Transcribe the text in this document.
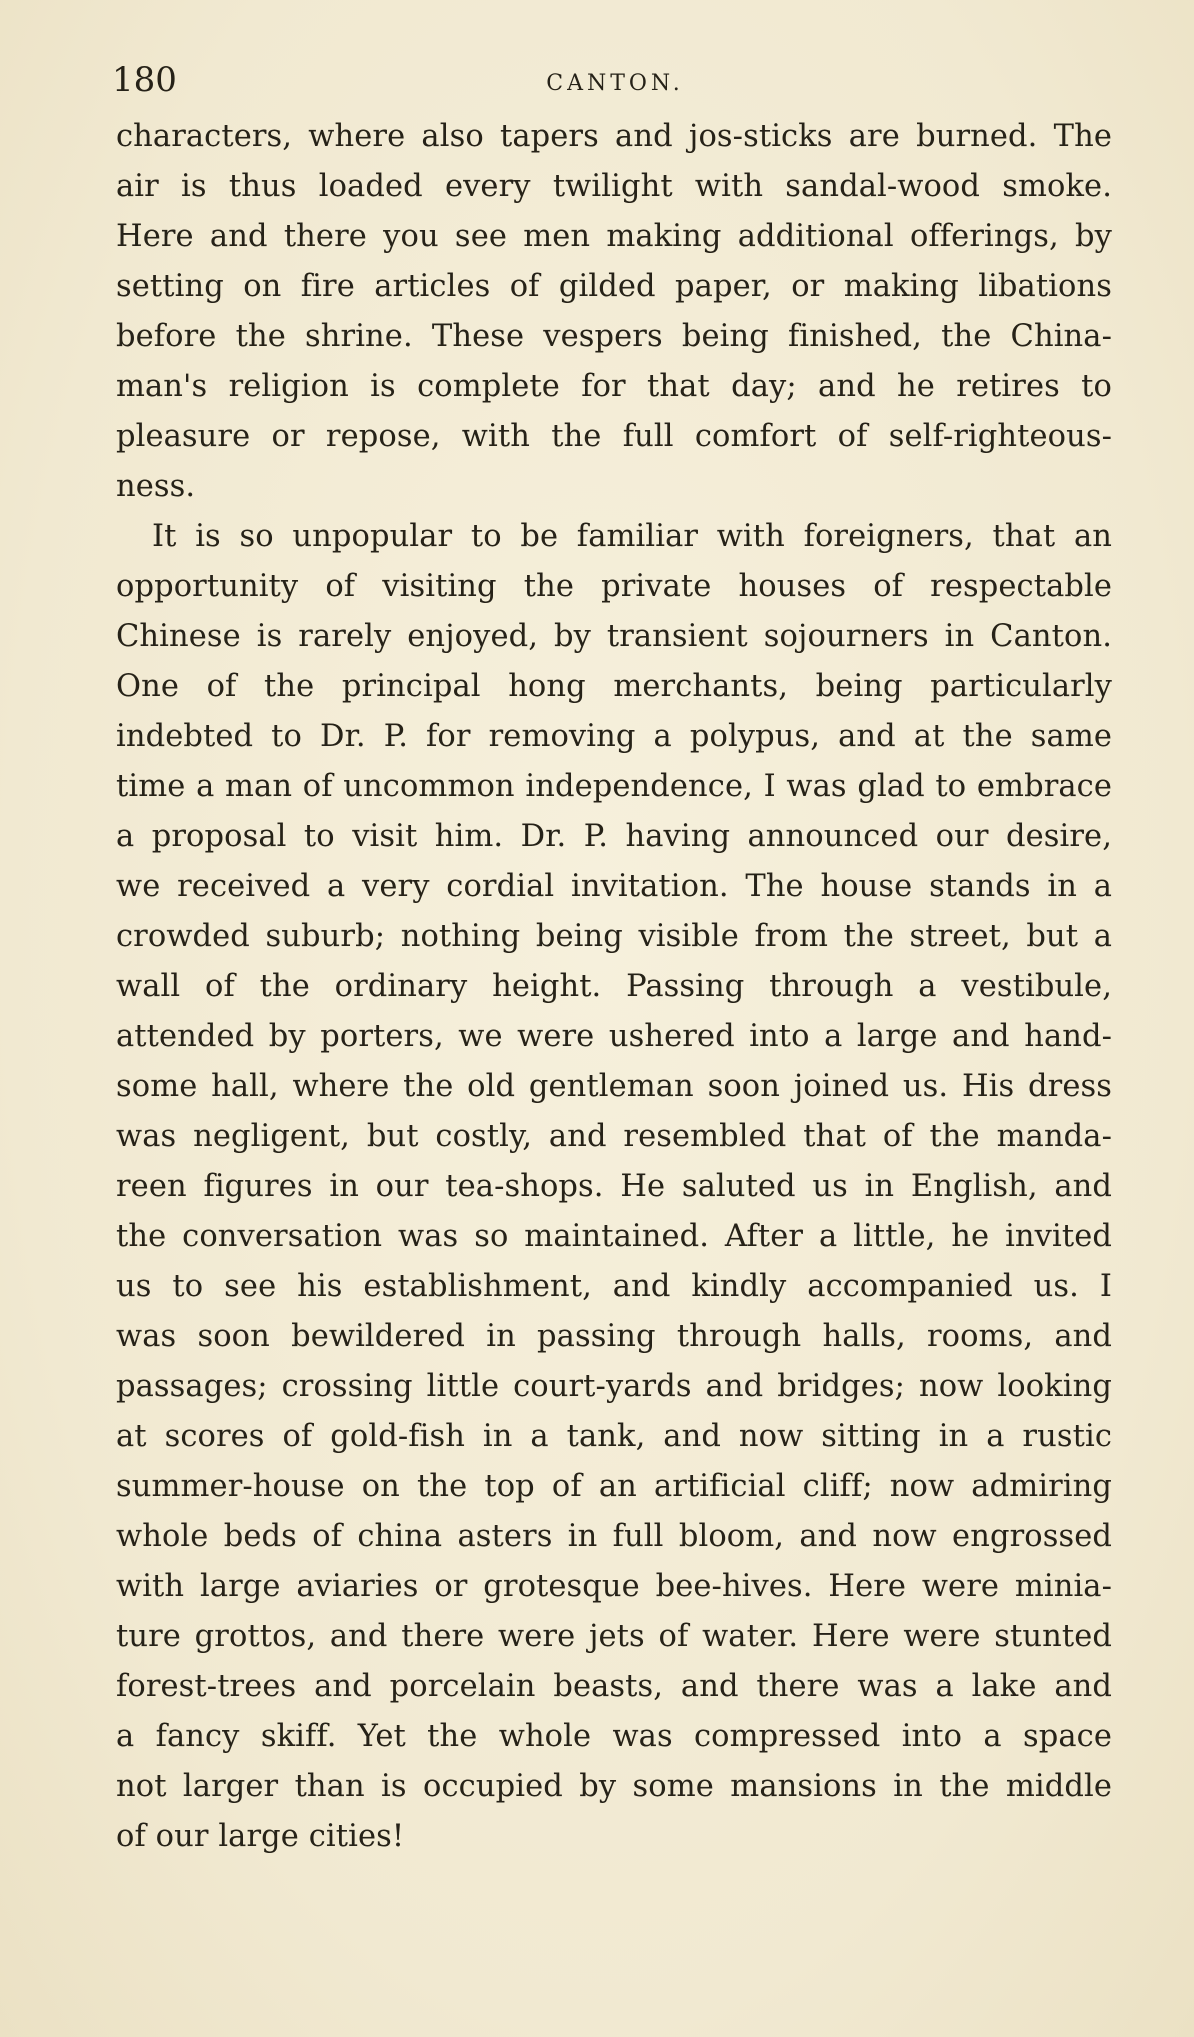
180	CANTON.
characters, where also tapers and jos-sticks are burned. The
air is thus loaded every twilight with sandal-wood smoke.
Here and there you see men making additional offerings, by
setting on fire articles of gilded paper, or making libations
before the shrine. These vespers being finished, the China-
man's religion is complete for that day; and he retires to
pleasure or repose, with the full comfort of self-righteous-
ness.
It is so unpopular to be familiar with foreigners, that an
opportunity of visiting the private houses of respectable
Chinese is rarely enjoyed, by transient sojourners in Canton.
One of the principal hong merchants, being particularly
indebted to Dr. P. for removing a polypus, and at the same
time a man of uncommon independence, I was glad to embrace
a proposal to visit him. Dr. P. having announced our desire,
we received a very cordial invitation. The house stands in a
crowded suburb; nothing being visible from the street, but a
wall of the ordinary height. Passing through a vestibule,
attended by porters, we were ushered into a large and hand-
some hall, where the old gentleman soon joined us. His dress
was negligent, but costly, and resembled that of the manda-
reen figures in our tea-shops. He saluted us in English, and
the conversation was so maintained. After a little, he invited
us to see his establishment, and kindly accompanied us. I
was soon bewildered in passing through halls, rooms, and
passages; crossing little court-yards and bridges; now looking
at scores of gold-fish in a tank, and now sitting in a rustic
summer-house on the top of an artificial cliff; now admiring
whole beds of china asters in full bloom, and now engrossed
with large aviaries or grotesque bee-hives. Here were minia-
ture grottos, and there were jets of water. Here were stunted
forest-trees and porcelain beasts, and there was a lake and
a fancy skiff. Yet the whole was compressed into a space
not larger than is occupied by some mansions in the middle
of our large cities!
